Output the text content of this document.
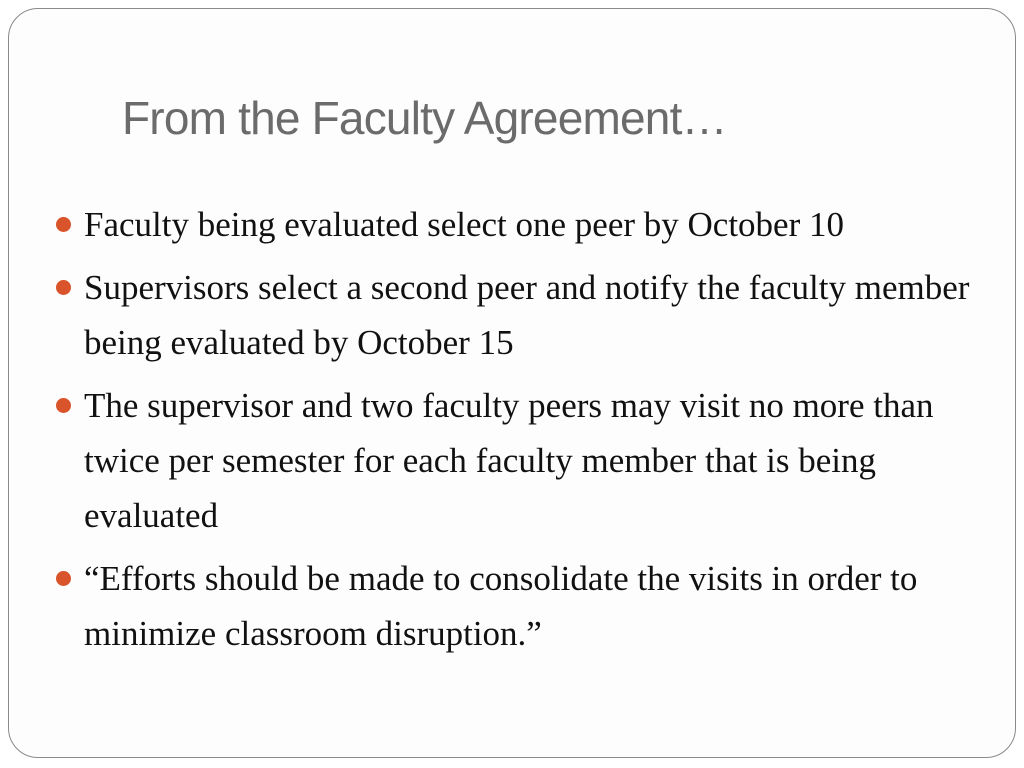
From the Faculty Agreement…
Faculty being evaluated select one peer by October 10
Supervisors select a second peer and notify the faculty member being evaluated by October 15
The supervisor and two faculty peers may visit no more than twice per semester for each faculty member that is being evaluated
“Efforts should be made to consolidate the visits in order to minimize classroom disruption.”
